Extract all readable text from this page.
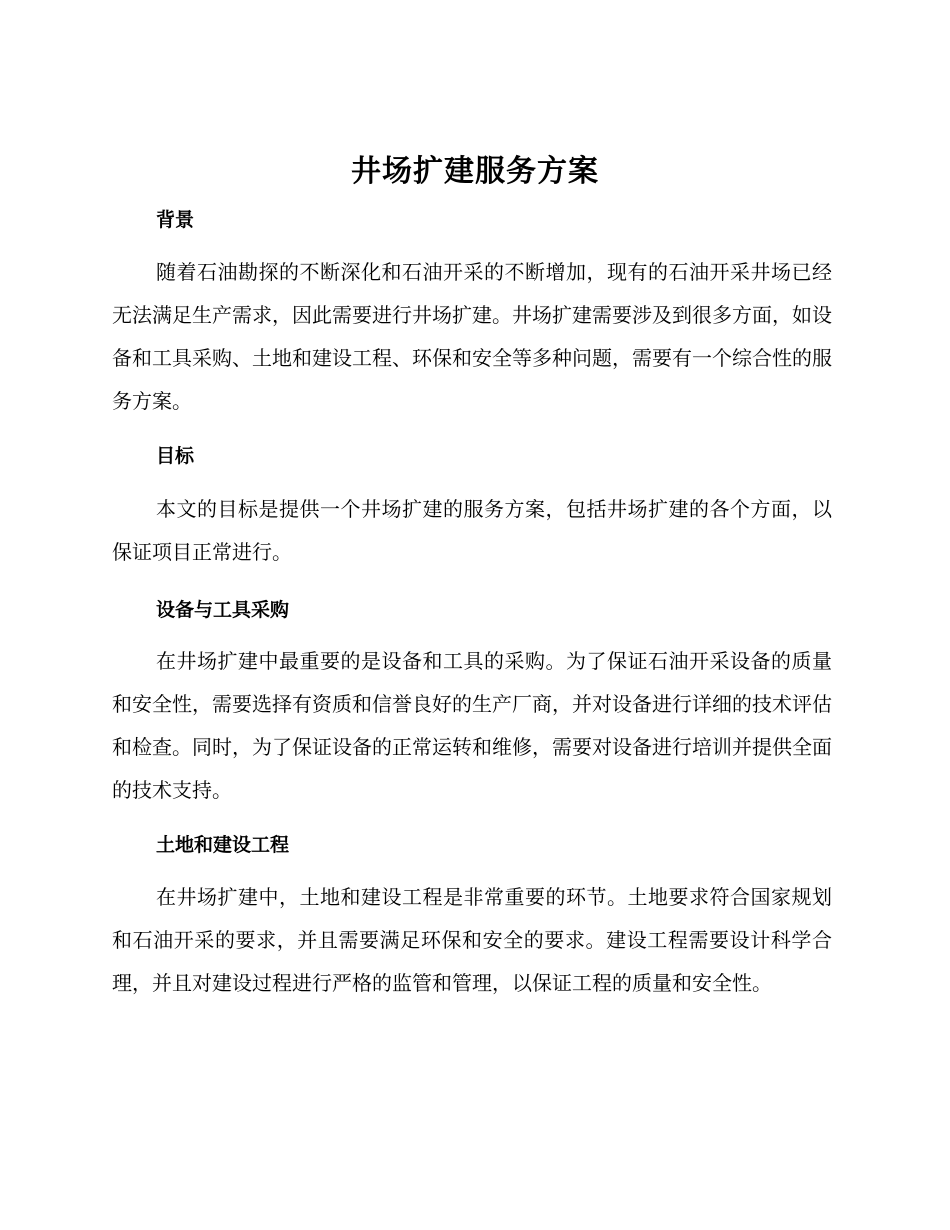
井场扩建服务方案
背景

随着石油勘探的不断深化和石油开采的不断增加，现有的石油开采井场已经无法满足生产需求，因此需要进行井场扩建。井场扩建需要涉及到很多方面，如设备和工具采购、土地和建设工程、环保和安全等多种问题，需要有一个综合性的服务方案。

目标

本文的目标是提供一个井场扩建的服务方案，包括井场扩建的各个方面，以保证项目正常进行。

设备与工具采购

在井场扩建中最重要的是设备和工具的采购。为了保证石油开采设备的质量和安全性，需要选择有资质和信誉良好的生产厂商，并对设备进行详细的技术评估和检查。同时，为了保证设备的正常运转和维修，需要对设备进行培训并提供全面的技术支持。

土地和建设工程

在井场扩建中，土地和建设工程是非常重要的环节。土地要求符合国家规划和石油开采的要求，并且需要满足环保和安全的要求。建设工程需要设计科学合理，并且对建设过程进行严格的监管和管理，以保证工程的质量和安全性。
